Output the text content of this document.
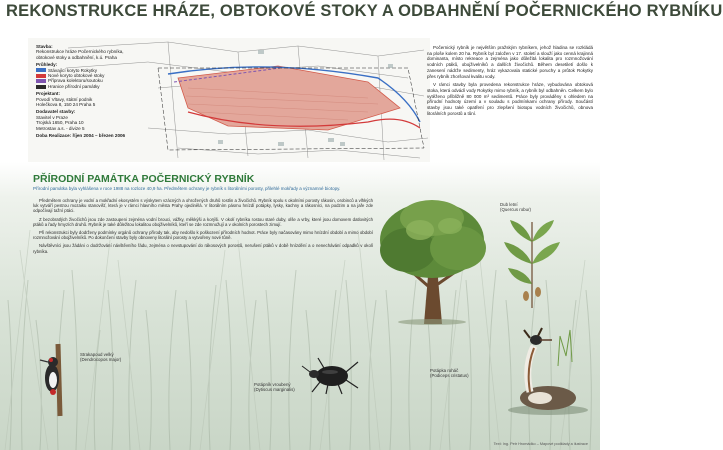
REKONSTRUKCE HRÁZE, OBTOKOVÉ STOKY A ODBAHNĚNÍ POČERNICKÉHO RYBNÍKU
Stavba:
Rekonstrukce hráze Počernického rybníka,
obtokové stoky a odbahnění, k.ú. Praha
Průhledy:
Stávající koryto Rokytky
Nové koryto obtokové stoky
Příprava kolektoru/soutoku
Hranice přírodní památky
Projektant:
Povodí Vltavy, státní podnik
Holečkova 8, 150 24 Praha 5
Dodavatel stavby:
Stavitel v Praze
Trojská 1650, Praha 10
Metrostav a.s. - divize 5
Doba Realizace: říjen 2004 – březen 2006

Počernický rybník je největším pražským rybníkem, jehož hladina se rozkládá na ploše kolem 20 ha. Rybník byl založen v 17. století a slouží jako cenná krajinná dominanta, místo rekreace a zejména jako důležitá lokalita pro rozmnožování vodních ptáků, obojživelníků a dalších živočichů. Během desetiletí došlo k zanesení nádrže sedimenty, hráz vykazovala statické poruchy a průtok Rokytky přes rybník zhoršoval kvalitu vody.

V rámci stavby byla provedena rekonstrukce hráze, vybudována obtoková stoka, která odvádí vody Rokytky mimo rybník, a rybník byl odbahněn. Celkem bylo vytěženo přibližně 80 000 m³ sedimentů. Práce byly prováděny s ohledem na přírodní hodnoty území a v souladu s podmínkami ochrany přírody. Součástí stavby jsou také opatření pro zlepšení biotopu vodních živočichů, obnova litorálních porostů a tůní.

PŘÍRODNÍ PAMÁTKA POČERNICKÝ RYBNÍK
Přírodní památka byla vyhlášena v roce 1988 na rozloze 40,9 ha. Předmětem ochrany je rybník s litorálními porosty, přilehlé mokřady a významné biotopy.

Předmětem ochrany je vodní a mokřadní ekosystém s výskytem vzácných a ohrožených druhů rostlin a živočichů. Rybník spolu s okolními porosty rákosin, orobinců a vlhkých luk vytváří pestrou mozaiku stanovišť, která je v rámci hlavního města Prahy ojedinělá. V litorálním pásmu hnízdí potápky, lysky, kachny a rákosníci, na podzim a na jaře zde odpočívají tažní ptáci.

Z bezobratlých živočichů jsou zde zastoupeni zejména vodní brouci, vážky, měkkýši a korýši. V okolí rybníka rostou staré duby, olše a vrby, které jsou domovem datlovitých ptáků a řady hmyzích druhů. Rybník je také důležitou lokalitou obojživelníků, kteří se zde rozmnožují a v okolních porostech zimují.

Při rekonstrukci byly dodrženy podmínky orgánů ochrany přírody tak, aby nedošlo k poškození přírodních hodnot. Práce byly načasovány mimo hnízdní období a mimo období rozmnožování obojživelníků. Po dokončení stavby byly obnoveny litorální porosty a vytvořeny nové tůně.

Návštěvníci jsou žádáni o dodržování návštěvního řádu, zejména o nevstupování do rákosových porostů, nerušení ptáků v době hnízdění a o nenechávání odpadků v okolí rybníka.

Dub letní
(Quercus robur)
Strakapoud velký
(Dendrocopos major)
Potápník vroubený
(Dytiscus marginalis)
Potápka roháč
(Podiceps cristatus)
Text: Ing. Petr Hromádko – Mapové podklady a ilustrace
